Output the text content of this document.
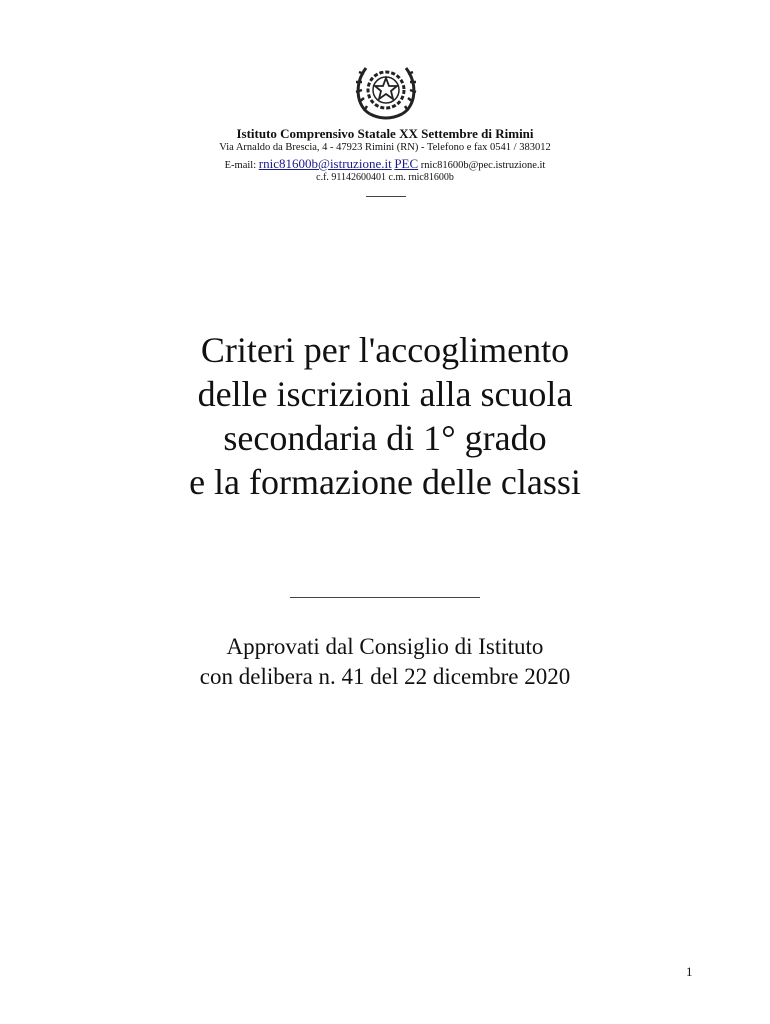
Istituto Comprensivo Statale XX Settembre di Rimini
Via Arnaldo da Brescia, 4 - 47923 Rimini (RN) - Telefono e fax 0541 / 383012
E-mail: rnic81600b@istruzione.it PEC rnic81600b@pec.istruzione.it
c.f. 91142600401 c.m. rnic81600b
Criteri per l'accoglimento
delle iscrizioni alla scuola
secondaria di 1° grado
e la formazione delle classi
Approvati dal Consiglio di Istituto
con delibera n. 41 del 22 dicembre 2020
1
